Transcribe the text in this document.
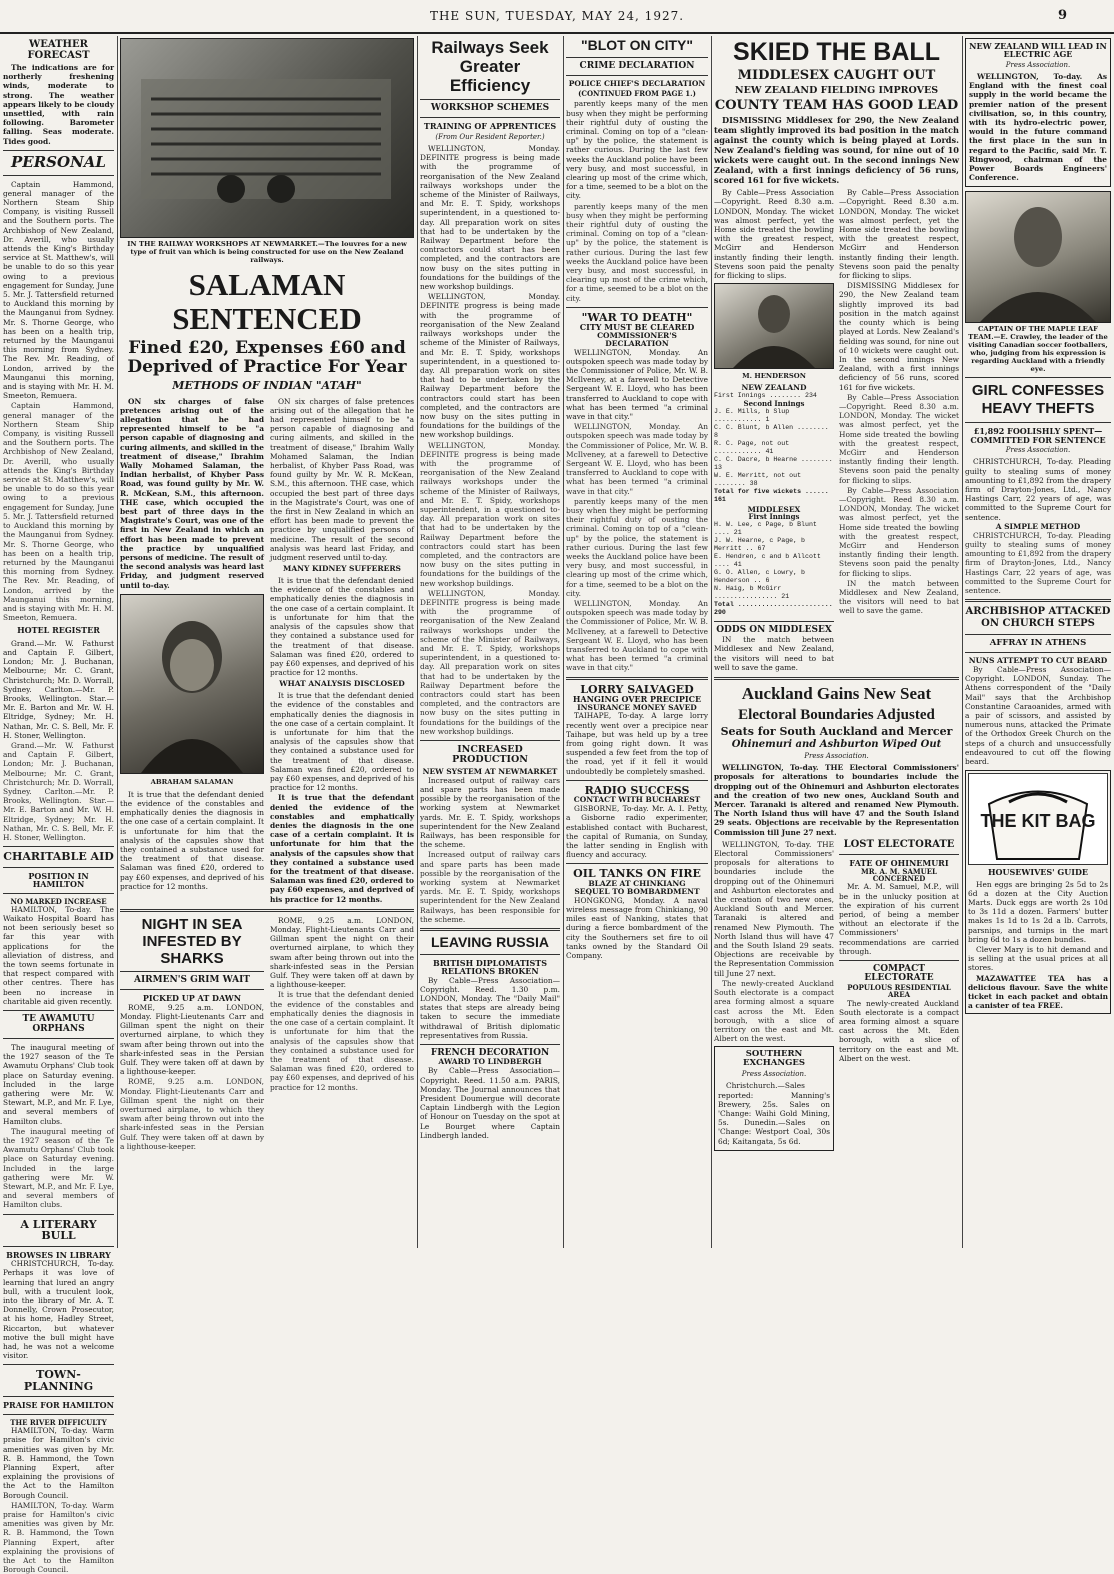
THE SUN, TUESDAY, MAY 24, 1927.	9
WEATHER FORECAST

The indications are for northerly freshening winds, moderate to strong. The weather appears likely to be cloudy unsettled, with rain following. Barometer falling. Seas moderate. Tides good.

PERSONAL

Captain Hammond, general manager of the Northern Steam Ship Company, is visiting Russell and the Southern ports. The Archbishop of New Zealand, Dr. Averill, who usually attends the King's Birthday service at St. Matthew's, will be unable to do so this year owing to a previous engagement for Sunday, June 5. Mr. J. Tattersfield returned to Auckland this morning by the Maunganui from Sydney. Mr. S. Thorne George, who has been on a health trip, returned by the Maunganui this morning from Sydney. The Rev. Mr. Reading, of London, arrived by the Maunganui this morning, and is staying with Mr. H. M. Smeeton, Remuera.

Captain Hammond, general manager of the Northern Steam Ship Company, is visiting Russell and the Southern ports. The Archbishop of New Zealand, Dr. Averill, who usually attends the King's Birthday service at St. Matthew's, will be unable to do so this year owing to a previous engagement for Sunday, June 5. Mr. J. Tattersfield returned to Auckland this morning by the Maunganui from Sydney. Mr. S. Thorne George, who has been on a health trip, returned by the Maunganui this morning from Sydney. The Rev. Mr. Reading, of London, arrived by the Maunganui this morning, and is staying with Mr. H. M. Smeeton, Remuera.

HOTEL REGISTER

Grand.—Mr. W. Fathurst and Captain F. Gilbert, London; Mr. J. Buchanan, Melbourne; Mr. C. Grant, Christchurch; Mr. D. Worrall, Sydney. Carlton.—Mr. P. Brooks, Wellington. Star.—Mr. E. Barton and Mr. W. H. Eltridge, Sydney; Mr. H. Nathan, Mr. C. S. Bell, Mr. F. H. Stoner, Wellington.

Grand.—Mr. W. Fathurst and Captain F. Gilbert, London; Mr. J. Buchanan, Melbourne; Mr. C. Grant, Christchurch; Mr. D. Worrall, Sydney. Carlton.—Mr. P. Brooks, Wellington. Star.—Mr. E. Barton and Mr. W. H. Eltridge, Sydney; Mr. H. Nathan, Mr. C. S. Bell, Mr. F. H. Stoner, Wellington.

CHARITABLE AID
POSITION IN HAMILTON
NO MARKED INCREASE

HAMILTON, To-day. The Waikato Hospital Board has not been seriously beset so far this year with applications for the alleviation of distress, and the town seems fortunate in that respect compared with other centres. There has been no increase in charitable aid given recently.

TE AWAMUTU ORPHANS

The inaugural meeting of the 1927 season of the Te Awamutu Orphans' Club took place on Saturday evening. Included in the large gathering were Mr. W. Stewart, M.P., and Mr. F. Lye, and several members of Hamilton clubs.

The inaugural meeting of the 1927 season of the Te Awamutu Orphans' Club took place on Saturday evening. Included in the large gathering were Mr. W. Stewart, M.P., and Mr. F. Lye, and several members of Hamilton clubs.

A LITERARY BULL
BROWSES IN LIBRARY

CHRISTCHURCH, To-day. Perhaps it was love of learning that lured an angry bull, with a truculent look, into the library of Mr. A. T. Donnelly, Crown Prosecutor, at his home, Hadley Street, Riccarton, but whatever motive the bull might have had, he was not a welcome visitor.

TOWN-PLANNING
PRAISE FOR HAMILTON
THE RIVER DIFFICULTY

HAMILTON, To-day. Warm praise for Hamilton's civic amenities was given by Mr. R. B. Hammond, the Town Planning Expert, after explaining the provisions of the Act to the Hamilton Borough Council.

HAMILTON, To-day. Warm praise for Hamilton's civic amenities was given by Mr. R. B. Hammond, the Town Planning Expert, after explaining the provisions of the Act to the Hamilton Borough Council.

IN THE RAILWAY WORKSHOPS AT NEWMARKET.—The louvres for a new type of fruit van which is being constructed for use on the New Zealand railways.
SALAMAN SENTENCED
Fined £20, Expenses £60 and Deprived of Practice For Year
METHODS OF INDIAN "ATAH"

ON six charges of false pretences arising out of the allegation that he had represented himself to be "a person capable of diagnosing and curing ailments, and skilled in the treatment of disease," Ibrahim Wally Mohamed Salaman, the Indian herbalist, of Khyber Pass Road, was found guilty by Mr. W. R. McKean, S.M., this afternoon. THE case, which occupied the best part of three days in the Magistrate's Court, was one of the first in New Zealand in which an effort has been made to prevent the practice by unqualified persons of medicine. The result of the second analysis was heard last Friday, and judgment reserved until to-day.

ABRAHAM SALAMAN

It is true that the defendant denied the evidence of the constables and emphatically denies the diagnosis in the one case of a certain complaint. It is unfortunate for him that the analysis of the capsules show that they contained a substance used for the treatment of that disease. Salaman was fined £20, ordered to pay £60 expenses, and deprived of his practice for 12 months.

ON six charges of false pretences arising out of the allegation that he had represented himself to be "a person capable of diagnosing and curing ailments, and skilled in the treatment of disease," Ibrahim Wally Mohamed Salaman, the Indian herbalist, of Khyber Pass Road, was found guilty by Mr. W. R. McKean, S.M., this afternoon. THE case, which occupied the best part of three days in the Magistrate's Court, was one of the first in New Zealand in which an effort has been made to prevent the practice by unqualified persons of medicine. The result of the second analysis was heard last Friday, and judgment reserved until to-day.

MANY KIDNEY SUFFERERS

It is true that the defendant denied the evidence of the constables and emphatically denies the diagnosis in the one case of a certain complaint. It is unfortunate for him that the analysis of the capsules show that they contained a substance used for the treatment of that disease. Salaman was fined £20, ordered to pay £60 expenses, and deprived of his practice for 12 months.

WHAT ANALYSIS DISCLOSED

It is true that the defendant denied the evidence of the constables and emphatically denies the diagnosis in the one case of a certain complaint. It is unfortunate for him that the analysis of the capsules show that they contained a substance used for the treatment of that disease. Salaman was fined £20, ordered to pay £60 expenses, and deprived of his practice for 12 months.

It is true that the defendant denied the evidence of the constables and emphatically denies the diagnosis in the one case of a certain complaint. It is unfortunate for him that the analysis of the capsules show that they contained a substance used for the treatment of that disease. Salaman was fined £20, ordered to pay £60 expenses, and deprived of his practice for 12 months.

NIGHT IN SEA INFESTED BY SHARKS
AIRMEN'S GRIM WAIT
PICKED UP AT DAWN

ROME, 9.25 a.m. LONDON, Monday. Flight-Lieutenants Carr and Gillman spent the night on their overturned airplane, to which they swam after being thrown out into the shark-infested seas in the Persian Gulf. They were taken off at dawn by a lighthouse-keeper.

ROME, 9.25 a.m. LONDON, Monday. Flight-Lieutenants Carr and Gillman spent the night on their overturned airplane, to which they swam after being thrown out into the shark-infested seas in the Persian Gulf. They were taken off at dawn by a lighthouse-keeper.

ROME, 9.25 a.m. LONDON, Monday. Flight-Lieutenants Carr and Gillman spent the night on their overturned airplane, to which they swam after being thrown out into the shark-infested seas in the Persian Gulf. They were taken off at dawn by a lighthouse-keeper.

It is true that the defendant denied the evidence of the constables and emphatically denies the diagnosis in the one case of a certain complaint. It is unfortunate for him that the analysis of the capsules show that they contained a substance used for the treatment of that disease. Salaman was fined £20, ordered to pay £60 expenses, and deprived of his practice for 12 months.

Railways Seek Greater Efficiency
WORKSHOP SCHEMES
TRAINING OF APPRENTICES
(From Our Resident Reporter.)

WELLINGTON, Monday. DEFINITE progress is being made with the programme of reorganisation of the New Zealand railways workshops under the scheme of the Minister of Railways, and Mr. E. T. Spidy, workshops superintendent, in a questioned to-day. All preparation work on sites that had to be undertaken by the Railway Department before the contractors could start has been completed, and the contractors are now busy on the sites putting in foundations for the buildings of the new workshop buildings.

WELLINGTON, Monday. DEFINITE progress is being made with the programme of reorganisation of the New Zealand railways workshops under the scheme of the Minister of Railways, and Mr. E. T. Spidy, workshops superintendent, in a questioned to-day. All preparation work on sites that had to be undertaken by the Railway Department before the contractors could start has been completed, and the contractors are now busy on the sites putting in foundations for the buildings of the new workshop buildings.

WELLINGTON, Monday. DEFINITE progress is being made with the programme of reorganisation of the New Zealand railways workshops under the scheme of the Minister of Railways, and Mr. E. T. Spidy, workshops superintendent, in a questioned to-day. All preparation work on sites that had to be undertaken by the Railway Department before the contractors could start has been completed, and the contractors are now busy on the sites putting in foundations for the buildings of the new workshop buildings.

WELLINGTON, Monday. DEFINITE progress is being made with the programme of reorganisation of the New Zealand railways workshops under the scheme of the Minister of Railways, and Mr. E. T. Spidy, workshops superintendent, in a questioned to-day. All preparation work on sites that had to be undertaken by the Railway Department before the contractors could start has been completed, and the contractors are now busy on the sites putting in foundations for the buildings of the new workshop buildings.

INCREASED PRODUCTION
NEW SYSTEM AT NEWMARKET

Increased output of railway cars and spare parts has been made possible by the reorganisation of the working system at Newmarket yards. Mr. E. T. Spidy, workshops superintendent for the New Zealand Railways, has been responsible for the scheme.

Increased output of railway cars and spare parts has been made possible by the reorganisation of the working system at Newmarket yards. Mr. E. T. Spidy, workshops superintendent for the New Zealand Railways, has been responsible for the scheme.

LEAVING RUSSIA
BRITISH DIPLOMATISTS
RELATIONS BROKEN

By Cable—Press Association—Copyright. Reed. 1.30 p.m. LONDON, Monday. The "Daily Mail" states that steps are already being taken to secure the immediate withdrawal of British diplomatic representatives from Russia.

FRENCH DECORATION
AWARD TO LINDBERGH

By Cable—Press Association—Copyright. Reed. 11.50 a.m. PARIS, Monday. The Journal announces that President Doumergue will decorate Captain Lindbergh with the Legion of Honour on Tuesday on the spot at Le Bourget where Captain Lindbergh landed.

"BLOT ON CITY"
CRIME DECLARATION
POLICE CHIEF'S DECLARATION
(CONTINUED FROM PAGE 1.)

parently keeps many of the men busy when they might be performing their rightful duty of ousting the criminal. Coming on top of a "clean-up" by the police, the statement is rather curious. During the last few weeks the Auckland police have been very busy, and most successful, in clearing up most of the crime which, for a time, seemed to be a blot on the city.

parently keeps many of the men busy when they might be performing their rightful duty of ousting the criminal. Coming on top of a "clean-up" by the police, the statement is rather curious. During the last few weeks the Auckland police have been very busy, and most successful, in clearing up most of the crime which, for a time, seemed to be a blot on the city.

"WAR TO DEATH"
CITY MUST BE CLEARED
COMMISSIONER'S DECLARATION

WELLINGTON, Monday. An outspoken speech was made today by the Commissioner of Police, Mr. W. B. McIlveney, at a farewell to Detective Sergeant W. E. Lloyd, who has been transferred to Auckland to cope with what has been termed "a criminal wave in that city."

WELLINGTON, Monday. An outspoken speech was made today by the Commissioner of Police, Mr. W. B. McIlveney, at a farewell to Detective Sergeant W. E. Lloyd, who has been transferred to Auckland to cope with what has been termed "a criminal wave in that city."

parently keeps many of the men busy when they might be performing their rightful duty of ousting the criminal. Coming on top of a "clean-up" by the police, the statement is rather curious. During the last few weeks the Auckland police have been very busy, and most successful, in clearing up most of the crime which, for a time, seemed to be a blot on the city.

WELLINGTON, Monday. An outspoken speech was made today by the Commissioner of Police, Mr. W. B. McIlveney, at a farewell to Detective Sergeant W. E. Lloyd, who has been transferred to Auckland to cope with what has been termed "a criminal wave in that city."

LORRY SALVAGED
HANGING OVER PRECIPICE
INSURANCE MONEY SAVED

TAIHAPE, To-day. A large lorry recently went over a precipice near Taihape, but was held up by a tree from going right down. It was suspended a few feet from the top of the road, yet if it fell it would undoubtedly be completely smashed.

RADIO SUCCESS
CONTACT WITH BUCHAREST

GISBORNE, To-day. Mr. A. I. Petty, a Gisborne radio experimenter, established contact with Bucharest, the capital of Rumania, on Sunday, the latter sending in English with fluency and accuracy.

OIL TANKS ON FIRE
BLAZE AT CHINKIANG
SEQUEL TO BOMBARDMENT

HONGKONG, Monday. A naval wireless message from Chinkiang, 90 miles east of Nanking, states that during a fierce bombardment of the city the Southerners set fire to oil tanks owned by the Standard Oil Company.

SKIED THE BALL
MIDDLESEX CAUGHT OUT
NEW ZEALAND FIELDING IMPROVES
COUNTY TEAM HAS GOOD LEAD

DISMISSING Middlesex for 290, the New Zealand team slightly improved its bad position in the match against the county which is being played at Lords. New Zealand's fielding was sound, for nine out of 10 wickets were caught out. In the second innings New Zealand, with a first innings deficiency of 56 runs, scored 161 for five wickets.

By Cable—Press Association—Copyright. Reed 8.30 a.m. LONDON, Monday. The wicket was almost perfect, yet the Home side treated the bowling with the greatest respect, McGirr and Henderson instantly finding their length. Stevens soon paid the penalty for flicking to slips.

M. HENDERSON
NEW ZEALAND
First Innings ........ 234
Second Innings
J. E. Mills, b Slup ............ 1
C. C. Blunt, b Allen ........ 8
R. C. Page, not out ............ 41
C. C. Dacre, b Hearne ........ 13
W. E. Merritt, not out ........ 38
Total for five wickets ...... 161
MIDDLESEX
First Innings
H. W. Lee, c Page, b Blunt .... 21
J. W. Hearne, c Page, b Merritt .. 67
E. Hendren, c and b Allcott .... 41
G. O. Allen, c Lowry, b Henderson .. 6
N. Haig, b McGirr ................ 21
Total ........................ 290
ODDS ON MIDDLESEX

IN the match between Middlesex and New Zealand, the visitors will need to bat well to save the game.

By Cable—Press Association—Copyright. Reed 8.30 a.m. LONDON, Monday. The wicket was almost perfect, yet the Home side treated the bowling with the greatest respect, McGirr and Henderson instantly finding their length. Stevens soon paid the penalty for flicking to slips.

DISMISSING Middlesex for 290, the New Zealand team slightly improved its bad position in the match against the county which is being played at Lords. New Zealand's fielding was sound, for nine out of 10 wickets were caught out. In the second innings New Zealand, with a first innings deficiency of 56 runs, scored 161 for five wickets.

By Cable—Press Association—Copyright. Reed 8.30 a.m. LONDON, Monday. The wicket was almost perfect, yet the Home side treated the bowling with the greatest respect, McGirr and Henderson instantly finding their length. Stevens soon paid the penalty for flicking to slips.

By Cable—Press Association—Copyright. Reed 8.30 a.m. LONDON, Monday. The wicket was almost perfect, yet the Home side treated the bowling with the greatest respect, McGirr and Henderson instantly finding their length. Stevens soon paid the penalty for flicking to slips.

IN the match between Middlesex and New Zealand, the visitors will need to bat well to save the game.

Auckland Gains New Seat
Electoral Boundaries Adjusted
Seats for South Auckland and Mercer
Ohinemuri and Ashburton Wiped Out
Press Association.

WELLINGTON, To-day. THE Electoral Commissioners' proposals for alterations to boundaries include the dropping out of the Ohinemuri and Ashburton electorates and the creation of two new ones, Auckland South and Mercer. Taranaki is altered and renamed New Plymouth. The North Island thus will have 47 and the South Island 29 seats. Objections are receivable by the Representation Commission till June 27 next.

WELLINGTON, To-day. THE Electoral Commissioners' proposals for alterations to boundaries include the dropping out of the Ohinemuri and Ashburton electorates and the creation of two new ones, Auckland South and Mercer. Taranaki is altered and renamed New Plymouth. The North Island thus will have 47 and the South Island 29 seats. Objections are receivable by the Representation Commission till June 27 next.

The newly-created Auckland South electorate is a compact area forming almost a square cast across the Mt. Eden borough, with a slice of territory on the east and Mt. Albert on the west.

SOUTHERN EXCHANGES
Press Association.

Christchurch.—Sales reported: Manning's Brewery, 25s. Sales on 'Change: Waihi Gold Mining, 5s. Dunedin.—Sales on 'Change: Westport Coal, 30s 6d; Kaitangata, 5s 6d.

LOST ELECTORATE
FATE OF OHINEMURI
MR. A. M. SAMUEL CONCERNED

Mr. A. M. Samuel, M.P., will be in the unlucky position at the expiration of his current period, of being a member without an electorate if the Commissioners' recommendations are carried through.

COMPACT ELECTORATE
POPULOUS RESIDENTIAL AREA

The newly-created Auckland South electorate is a compact area forming almost a square cast across the Mt. Eden borough, with a slice of territory on the east and Mt. Albert on the west.

NEW ZEALAND WILL LEAD IN ELECTRIC AGE
Press Association.

WELLINGTON, To-day. As England with the finest coal supply in the world became the premier nation of the present civilisation, so, in this country, with its hydro-electric power, would in the future command the first place in the sun in regard to the Pacific, said Mr. T. Ringwood, chairman of the Power Boards Engineers' Conference.

CAPTAIN OF THE MAPLE LEAF TEAM.—E. Crawley, the leader of the visiting Canadian soccer footballers, who, judging from his expression is regarding Auckland with a friendly eye.
GIRL CONFESSES HEAVY THEFTS
£1,892 FOOLISHLY SPENT—COMMITTED FOR SENTENCE
Press Association.

CHRISTCHURCH, To-day. Pleading guilty to stealing sums of money amounting to £1,892 from the drapery firm of Drayton-Jones, Ltd., Nancy Hastings Carr, 22 years of age, was committed to the Supreme Court for sentence.

A SIMPLE METHOD

CHRISTCHURCH, To-day. Pleading guilty to stealing sums of money amounting to £1,892 from the drapery firm of Drayton-Jones, Ltd., Nancy Hastings Carr, 22 years of age, was committed to the Supreme Court for sentence.

ARCHBISHOP ATTACKED ON CHURCH STEPS
AFFRAY IN ATHENS
NUNS ATTEMPT TO CUT BEARD

By Cable—Press Association—Copyright. LONDON, Sunday. The Athens correspondent of the "Daily Mail" says that the Archbishop Constantine Caraoanides, armed with a pair of scissors, and assisted by numerous nuns, attacked the Primate of the Orthodox Greek Church on the steps of a church and unsuccessfully endeavoured to cut off the flowing beard.

THE KIT BAG
HOUSEWIVES' GUIDE

Hen eggs are bringing 2s 5d to 2s 6d a dozen at the City Auction Marts. Duck eggs are worth 2s 10d to 3s 11d a dozen. Farmers' butter makes 1s 1d to 1s 2d a lb. Carrots, parsnips, and turnips in the mart bring 6d to 1s a dozen bundles.

Clever Mary is to hit demand and is selling at the usual prices at all stores.

MAZAWATTEE TEA has a delicious flavour. Save the white ticket in each packet and obtain a canister of tea FREE.
